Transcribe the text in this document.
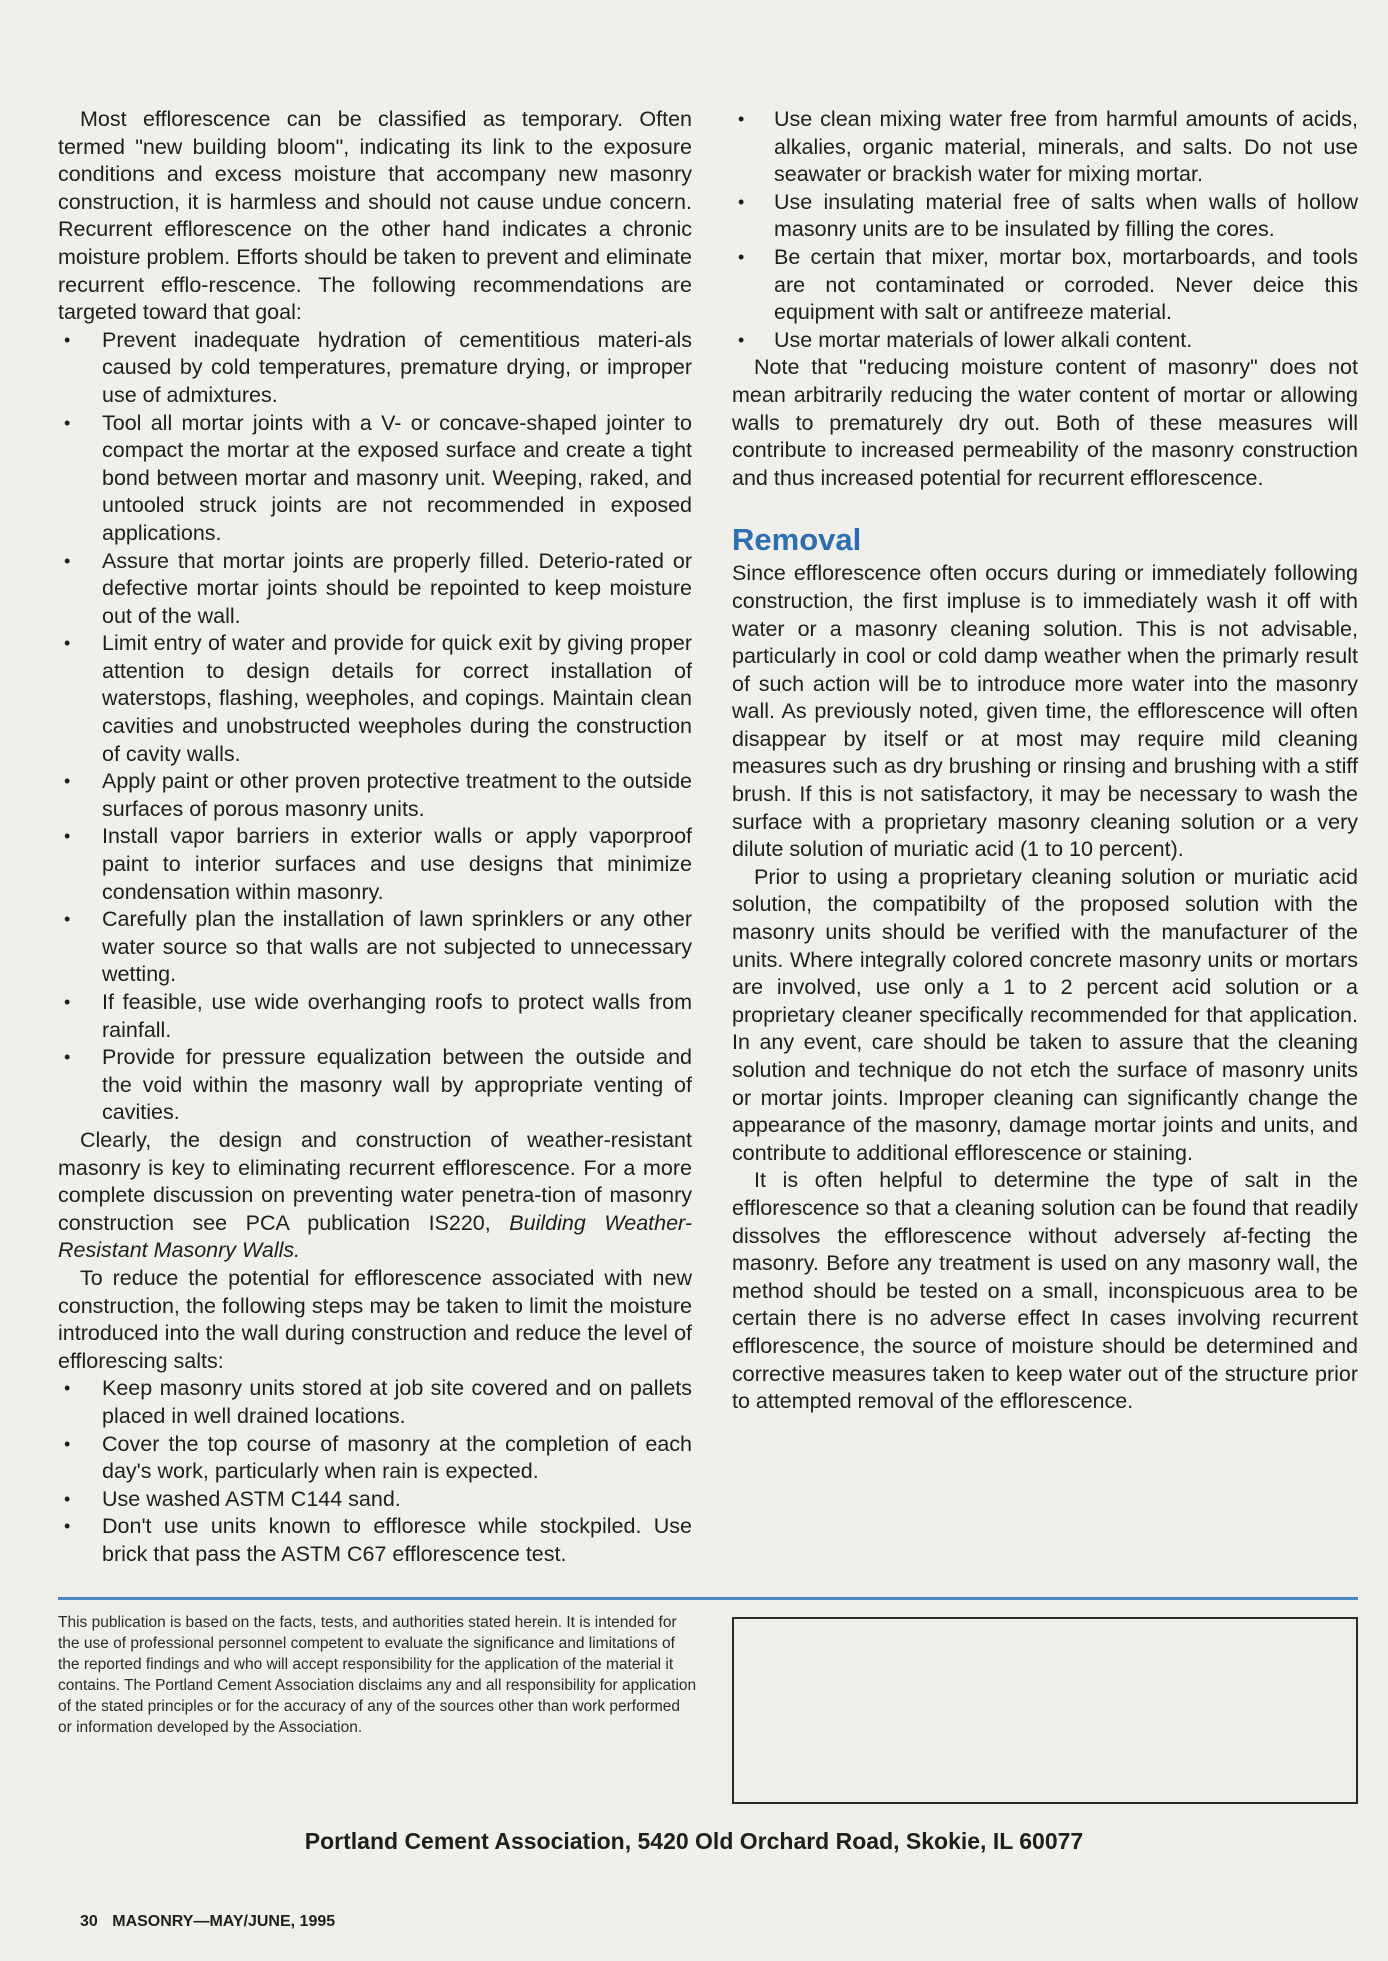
Most efflorescence can be classified as temporary. Often termed "new building bloom", indicating its link to the exposure conditions and excess moisture that accompany new masonry construction, it is harmless and should not cause undue concern. Recurrent efflorescence on the other hand indicates a chronic moisture problem. Efforts should be taken to prevent and eliminate recurrent efflo-rescence. The following recommendations are targeted toward that goal:

• Prevent inadequate hydration of cementitious materi-als caused by cold temperatures, premature drying, or improper use of admixtures.
• Tool all mortar joints with a V- or concave-shaped jointer to compact the mortar at the exposed surface and create a tight bond between mortar and masonry unit. Weeping, raked, and untooled struck joints are not recommended in exposed applications.
• Assure that mortar joints are properly filled. Deterio-rated or defective mortar joints should be repointed to keep moisture out of the wall.
• Limit entry of water and provide for quick exit by giving proper attention to design details for correct installation of waterstops, flashing, weepholes, and copings. Maintain clean cavities and unobstructed weepholes during the construction of cavity walls.
• Apply paint or other proven protective treatment to the outside surfaces of porous masonry units.
• Install vapor barriers in exterior walls or apply vaporproof paint to interior surfaces and use designs that minimize condensation within masonry.
• Carefully plan the installation of lawn sprinklers or any other water source so that walls are not subjected to unnecessary wetting.
• If feasible, use wide overhanging roofs to protect walls from rainfall.
• Provide for pressure equalization between the outside and the void within the masonry wall by appropriate venting of cavities.

Clearly, the design and construction of weather-resistant masonry is key to eliminating recurrent efflorescence. For a more complete discussion on preventing water penetra-tion of masonry construction see PCA publication IS220, Building Weather-Resistant Masonry Walls.

To reduce the potential for efflorescence associated with new construction, the following steps may be taken to limit the moisture introduced into the wall during construction and reduce the level of efflorescing salts:

• Keep masonry units stored at job site covered and on pallets placed in well drained locations.
• Cover the top course of masonry at the completion of each day's work, particularly when rain is expected.
• Use washed ASTM C144 sand.
• Don't use units known to effloresce while stockpiled. Use brick that pass the ASTM C67 efflorescence test.
• Use clean mixing water free from harmful amounts of acids, alkalies, organic material, minerals, and salts. Do not use seawater or brackish water for mixing mortar.
• Use insulating material free of salts when walls of hollow masonry units are to be insulated by filling the cores.
• Be certain that mixer, mortar box, mortarboards, and tools are not contaminated or corroded. Never deice this equipment with salt or antifreeze material.
• Use mortar materials of lower alkali content.

Note that "reducing moisture content of masonry" does not mean arbitrarily reducing the water content of mortar or allowing walls to prematurely dry out. Both of these measures will contribute to increased permeability of the masonry construction and thus increased potential for recurrent efflorescence.

Removal

Since efflorescence often occurs during or immediately following construction, the first impluse is to immediately wash it off with water or a masonry cleaning solution. This is not advisable, particularly in cool or cold damp weather when the primarly result of such action will be to introduce more water into the masonry wall. As previously noted, given time, the efflorescence will often disappear by itself or at most may require mild cleaning measures such as dry brushing or rinsing and brushing with a stiff brush. If this is not satisfactory, it may be necessary to wash the surface with a proprietary masonry cleaning solution or a very dilute solution of muriatic acid (1 to 10 percent).

Prior to using a proprietary cleaning solution or muriatic acid solution, the compatibilty of the proposed solution with the masonry units should be verified with the manufacturer of the units. Where integrally colored concrete masonry units or mortars are involved, use only a 1 to 2 percent acid solution or a proprietary cleaner specifically recommended for that application. In any event, care should be taken to assure that the cleaning solution and technique do not etch the surface of masonry units or mortar joints. Improper cleaning can significantly change the appearance of the masonry, damage mortar joints and units, and contribute to additional efflorescence or staining.

It is often helpful to determine the type of salt in the efflorescence so that a cleaning solution can be found that readily dissolves the efflorescence without adversely af-fecting the masonry. Before any treatment is used on any masonry wall, the method should be tested on a small, inconspicuous area to be certain there is no adverse effect In cases involving recurrent efflorescence, the source of moisture should be determined and corrective measures taken to keep water out of the structure prior to attempted removal of the efflorescence.

This publication is based on the facts, tests, and authorities stated herein. It is intended for the use of professional personnel competent to evaluate the significance and limitations of the reported findings and who will accept responsibility for the application of the material it contains. The Portland Cement Association disclaims any and all responsibility for application of the stated principles or for the accuracy of any of the sources other than work performed or information developed by the Association.
Portland Cement Association, 5420 Old Orchard Road, Skokie, IL 60077
30 MASONRY—MAY/JUNE, 1995
